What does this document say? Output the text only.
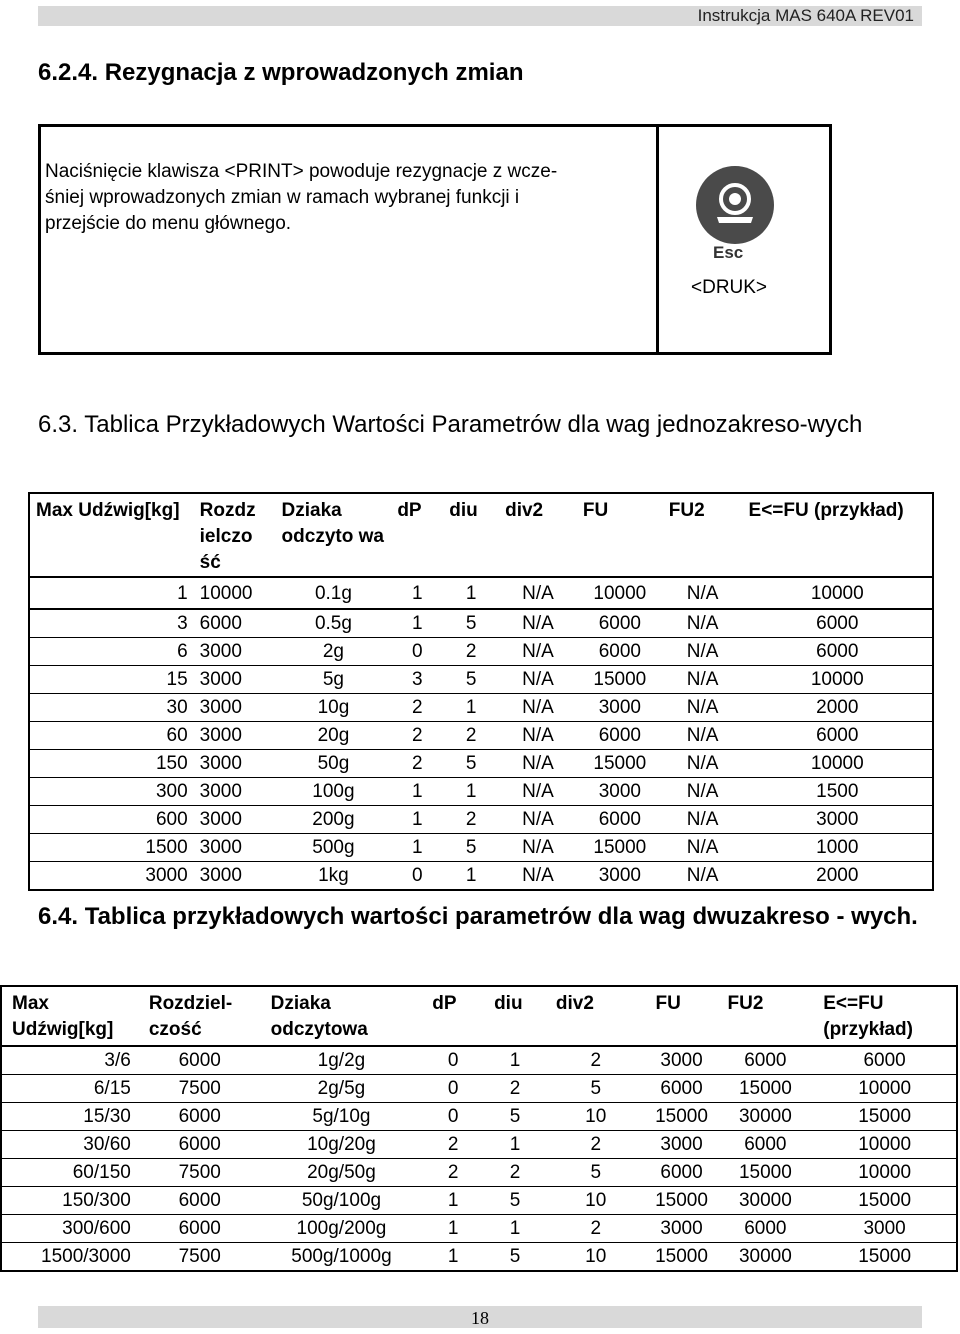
Instrukcja MAS 640A REV01
6.2.4. Rezygnacja z wprowadzonych zmian

Naciśnięcie klawisza <PRINT> powoduje rezygnacje z wcze-
śniej wprowadzonych zmian w ramach wybranej funkcji i
przejście do menu głównego.

Esc
<DRUK>
6.3. Tablica Przykładowych Wartości Parametrów dla wag jednozakreso-wych
Max Udźwig[kg]	Rozdz ielczo ść	Dziaka odczyto wa	dP	diu	div2	FU	FU2	E<=FU (przykład)
1	10000	0.1g	1	1	N/A	10000	N/A	10000
3	6000	0.5g	1	5	N/A	6000	N/A	6000
6	3000	2g	0	2	N/A	6000	N/A	6000
15	3000	5g	3	5	N/A	15000	N/A	10000
30	3000	10g	2	1	N/A	3000	N/A	2000
60	3000	20g	2	2	N/A	6000	N/A	6000
150	3000	50g	2	5	N/A	15000	N/A	10000
300	3000	100g	1	1	N/A	3000	N/A	1500
600	3000	200g	1	2	N/A	6000	N/A	3000
1500	3000	500g	1	5	N/A	15000	N/A	1000
3000	3000	1kg	0	1	N/A	3000	N/A	2000
6.4. Tablica przykładowych wartości parametrów dla wag dwuzakreso - wych.
Max Udźwig[kg]	Rozdziel- czość	Dziaka odczytowa	dP	diu	div2	FU	FU2	E<=FU (przykład)
3/6	6000	1g/2g	0	1	2	3000	6000	6000
6/15	7500	2g/5g	0	2	5	6000	15000	10000
15/30	6000	5g/10g	0	5	10	15000	30000	15000
30/60	6000	10g/20g	2	1	2	3000	6000	10000
60/150	7500	20g/50g	2	2	5	6000	15000	10000
150/300	6000	50g/100g	1	5	10	15000	30000	15000
300/600	6000	100g/200g	1	1	2	3000	6000	3000
1500/3000	7500	500g/1000g	1	5	10	15000	30000	15000
18
